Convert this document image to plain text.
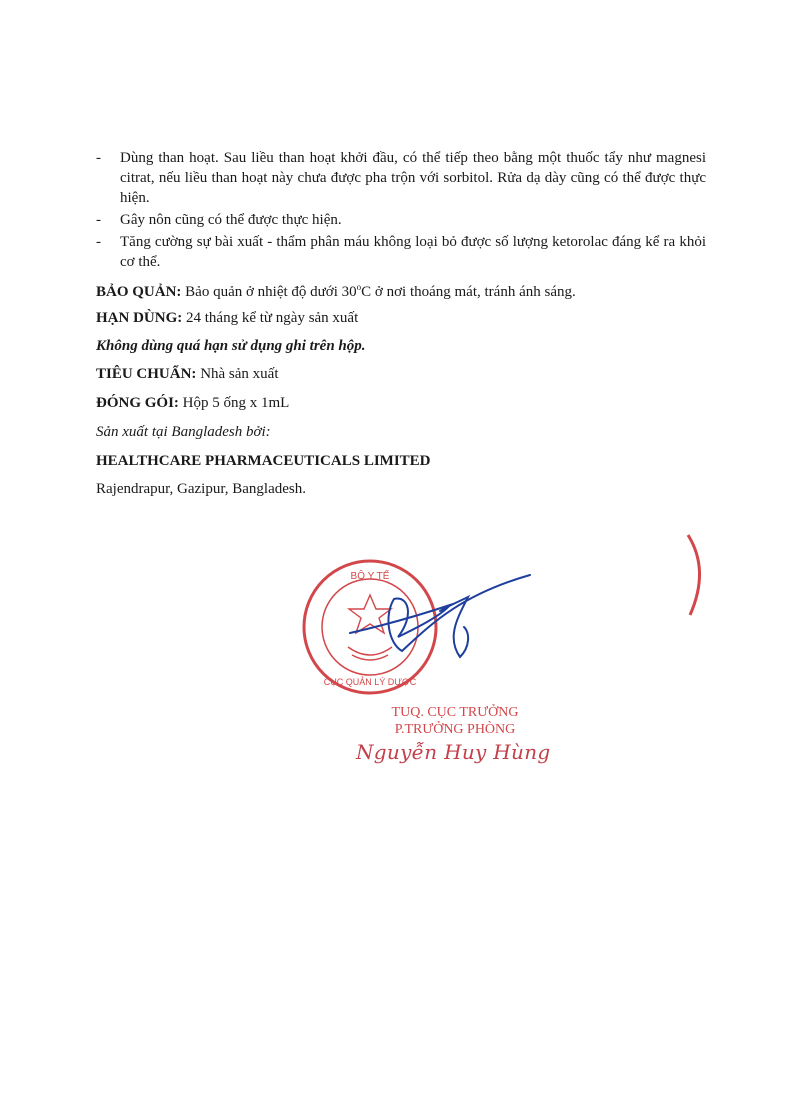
- Dùng than hoạt. Sau liều than hoạt khởi đầu, có thể tiếp theo bằng một thuốc tẩy như magnesi citrat, nếu liều than hoạt này chưa được pha trộn với sorbitol. Rửa dạ dày cũng có thể được thực hiện.
- Gây nôn cũng có thể được thực hiện.
- Tăng cường sự bài xuất - thẩm phân máu không loại bỏ được số lượng ketorolac đáng kể ra khỏi cơ thể.
BẢO QUẢN: Bảo quản ở nhiệt độ dưới 30$^o$C ở nơi thoáng mát, tránh ánh sáng.
HẠN DÙNG: 24 tháng kể từ ngày sản xuất
Không dùng quá hạn sử dụng ghi trên hộp.
TIÊU CHUẨN: Nhà sản xuất
ĐÓNG GÓI: Hộp 5 ống x 1mL
Sản xuất tại Bangladesh bởi:
HEALTHCARE PHARMACEUTICALS LIMITED
Rajendrapur, Gazipur, Bangladesh.
BỘ Y TẾ
CỤC QUẢN LÝ DƯỢC
TUQ. CỤC TRƯỞNG
P.TRƯỞNG PHÒNG
Nguyễn Huy Hùng
